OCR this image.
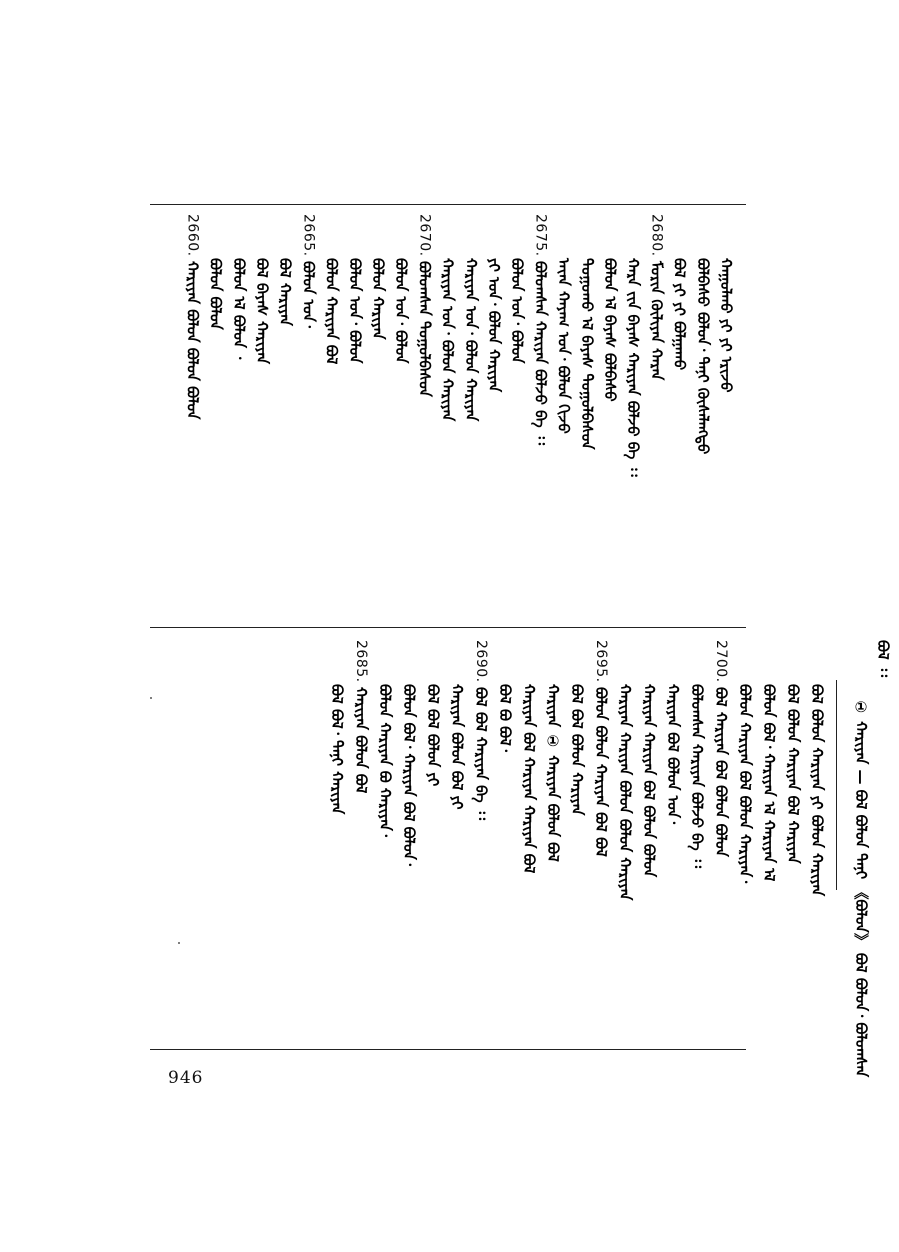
ᠬᠠᠭᠤᠯᠬᠤ ᠶᠢ ᠶᠢ ᠡᠷᠢᠵᠦ
ᠪᠣᠯᠪᠠᠰᠤ ᠪᠣᠯᠤᠨ᠂ ᠲᠠᠨᠢ ᠬᠦᠰᠡᠯᠡᠩᠲᠦ
ᠪᠣᠯ ᠶᠢ ᠶᠢ ᠪᠣᠯᠭᠠᠬᠤ
2680.
ᠮᠣᠷᠢᠨ ᠬᠦᠯᠢᠶᠡᠨ ᠬᠠᠷᠠᠨ
ᠬᠠᠷᠠ ᠵᠢᠨ ᠪᠠᠶᠠᠰ ᠬᠠᠷᠢᠶᠠᠨ ᠪᠣᠯᠵᠤ ᠪᠠ ᠄᠄
ᠪᠣᠯᠤᠨ ᠡᠯ ᠪᠠᠶᠠᠰ ᠪᠣᠯᠪᠠᠰᠤ
ᠲᠣᠭᠣᠬᠤ ᠡᠯ ᠪᠠᠶᠠᠰ ᠲᠣᠭᠣᠯᠪᠠᠰᠤᠨ
ᠠᠶ᠋ᠠᠨ ᠬᠠᠶᠠᠭ ᠤᠨ᠂ ᠪᠣᠯᠤᠨ ᠬᠢᠵᠦ
2675.
ᠪᠣᠯᠤᠭᠰᠠᠨ ᠬᠠᠷᠢᠶᠠᠨ ᠪᠣᠯᠵᠤ ᠪᠠ ᠄᠄
ᠪᠣᠯᠤᠨ ᠤᠨ᠂ ᠪᠣᠯᠤᠨ
ᠶᠢ ᠤᠨ᠂ ᠪᠣᠯᠤᠨ ᠬᠠᠷᠢᠶᠠᠨ
ᠬᠠᠷᠢᠶᠠᠨ ᠤᠨ᠂ ᠪᠣᠯᠤᠨ ᠬᠠᠷᠢᠶᠠᠨ
ᠬᠠᠷᠢᠶᠠᠨ ᠤᠨ᠂ ᠪᠣᠯᠤᠨ ᠬᠠᠷᠢᠶᠠᠨ
2670.
ᠪᠣᠯᠤᠭᠰᠠᠨ ᠲᠣᠭᠣᠯᠪᠠᠰᠤᠨ
ᠪᠣᠯᠤᠨ ᠤᠨ᠂ ᠪᠣᠯᠤᠨ
ᠪᠣᠯᠤᠨ ᠬᠠᠷᠢᠶᠠᠨ
ᠪᠣᠯᠤᠨ ᠤᠨ᠂ ᠪᠣᠯᠤᠨ
ᠪᠣᠯᠤᠨ ᠬᠠᠷᠢᠶᠠᠨ ᠪᠣᠯ
2665.
ᠪᠣᠯᠤᠨ ᠤᠨ᠂
ᠪᠣᠯ ᠬᠠᠷᠢᠶᠠᠨ
ᠪᠣᠯ ᠪᠠᠶᠠᠰ ᠬᠠᠷᠢᠶᠠᠨ
ᠪᠣᠯᠤᠨ ᠡᠯ ᠪᠣᠯᠤᠨ ᠂
ᠪᠣᠯᠤᠨ ᠪᠣᠯᠤᠨ
2660.
ᠬᠠᠷᠢᠶᠠᠨ ᠪᠣᠯᠤᠨ ᠪᠣᠯᠤᠨ ᠪᠣᠯᠤᠨ
ᠪᠣᠯ ᠄᠄
① ᠬᠠᠷᠢᠶᠠᠨ — ᠪᠣᠯ ᠪᠣᠯᠤᠨ ᠲᠠᠨᠢ 《ᠪᠣᠯᠤᠨ》 ᠪᠣᠯ ᠪᠣᠯᠤᠨ᠂ ᠪᠣᠯᠤᠭᠰᠠᠨ
ᠪᠣᠯ ᠪᠣᠯᠤᠨ ᠬᠠᠷᠢᠶᠠᠨ ᠶᠢ ᠪᠣᠯᠤᠨ ᠬᠠᠷᠢᠶᠠᠨ
ᠪᠣᠯ ᠪᠣᠯᠤᠨ ᠬᠠᠷᠢᠶᠠᠨ ᠪᠣᠯ ᠬᠠᠷᠢᠶᠠᠨ
ᠪᠣᠯᠤᠨ ᠪᠣᠯ᠂ ᠬᠠᠷᠢᠶᠠᠨ ᠡᠯ ᠬᠠᠷᠢᠶᠠᠨ ᠡᠯ
ᠪᠣᠯᠤᠨ ᠬᠠᠷᠢᠶᠠᠨ ᠪᠣᠯ ᠪᠣᠯᠤᠨ ᠬᠠᠷᠢᠶᠠᠨ᠂
2700.
ᠪᠣᠯ ᠬᠠᠷᠢᠶᠠᠨ ᠪᠣᠯ ᠪᠣᠯᠤᠨ ᠪᠣᠯᠤᠨ
ᠪᠣᠯᠤᠭᠰᠠᠨ ᠬᠠᠷᠢᠶᠠᠨ ᠪᠣᠯᠵᠤ ᠪᠠ ᠄᠄
ᠬᠠᠷᠢᠶᠠᠨ ᠪᠣᠯ ᠪᠣᠯᠤᠨ ᠤᠨ᠂
ᠬᠠᠷᠢᠶᠠᠨ ᠬᠠᠷᠢᠶᠠᠨ ᠪᠣᠯ ᠪᠣᠯᠤᠨ ᠪᠣᠯᠤᠨ
ᠬᠠᠷᠢᠶᠠᠨ ᠬᠠᠷᠢᠶᠠᠨ ᠪᠣᠯᠤᠨ ᠪᠣᠯᠤᠨ ᠬᠠᠷᠢᠶᠠᠨ
2695.
ᠪᠣᠯᠤᠨ ᠪᠣᠯᠤᠨ ᠬᠠᠷᠢᠶᠠᠨ ᠪᠣᠯ ᠪᠣᠯ
ᠪᠣᠯ ᠪᠣᠯ ᠪᠣᠯᠤᠨ ᠬᠠᠷᠢᠶᠠᠨ
ᠬᠠᠷᠢᠶᠠᠨ ① ᠬᠠᠷᠢᠶᠠᠨ ᠪᠣᠯᠤᠨ ᠪᠣᠯ
ᠬᠠᠷᠢᠶᠠᠨ ᠪᠣᠯ ᠬᠠᠷᠢᠶᠠᠨ ᠬᠠᠷᠢᠶᠠᠨ ᠪᠣᠯ
ᠪᠣᠯ ᠪᠣ ᠪᠣᠯ᠂
2690.
ᠪᠣᠯ ᠪᠣᠯ ᠬᠠᠷᠢᠶᠠᠨ ᠪᠠ ᠄᠄
ᠬᠠᠷᠢᠶᠠᠨ ᠪᠣᠯᠤᠨ ᠪᠣᠯ ᠶᠢ
ᠪᠣᠯ ᠪᠣᠯ ᠪᠣᠯᠤᠨ ᠶᠢ
ᠪᠣᠯᠤᠨ ᠪᠣᠯ᠂ ᠬᠠᠷᠢᠶᠠᠨ ᠪᠣᠯ ᠪᠣᠯᠤᠨ᠂
ᠪᠣᠯᠤᠨ ᠬᠠᠷᠢᠶᠠᠨ ᠪᠣ ᠬᠠᠷᠢᠶᠠᠨ᠂
2685.
ᠬᠠᠷᠢᠶᠠᠨ ᠪᠣᠯᠤᠨ ᠪᠣᠯ
ᠪᠣᠯ ᠪᠣᠯ᠂ ᠲᠠᠨᠢ ᠬᠠᠷᠢᠶᠠᠨ
946
